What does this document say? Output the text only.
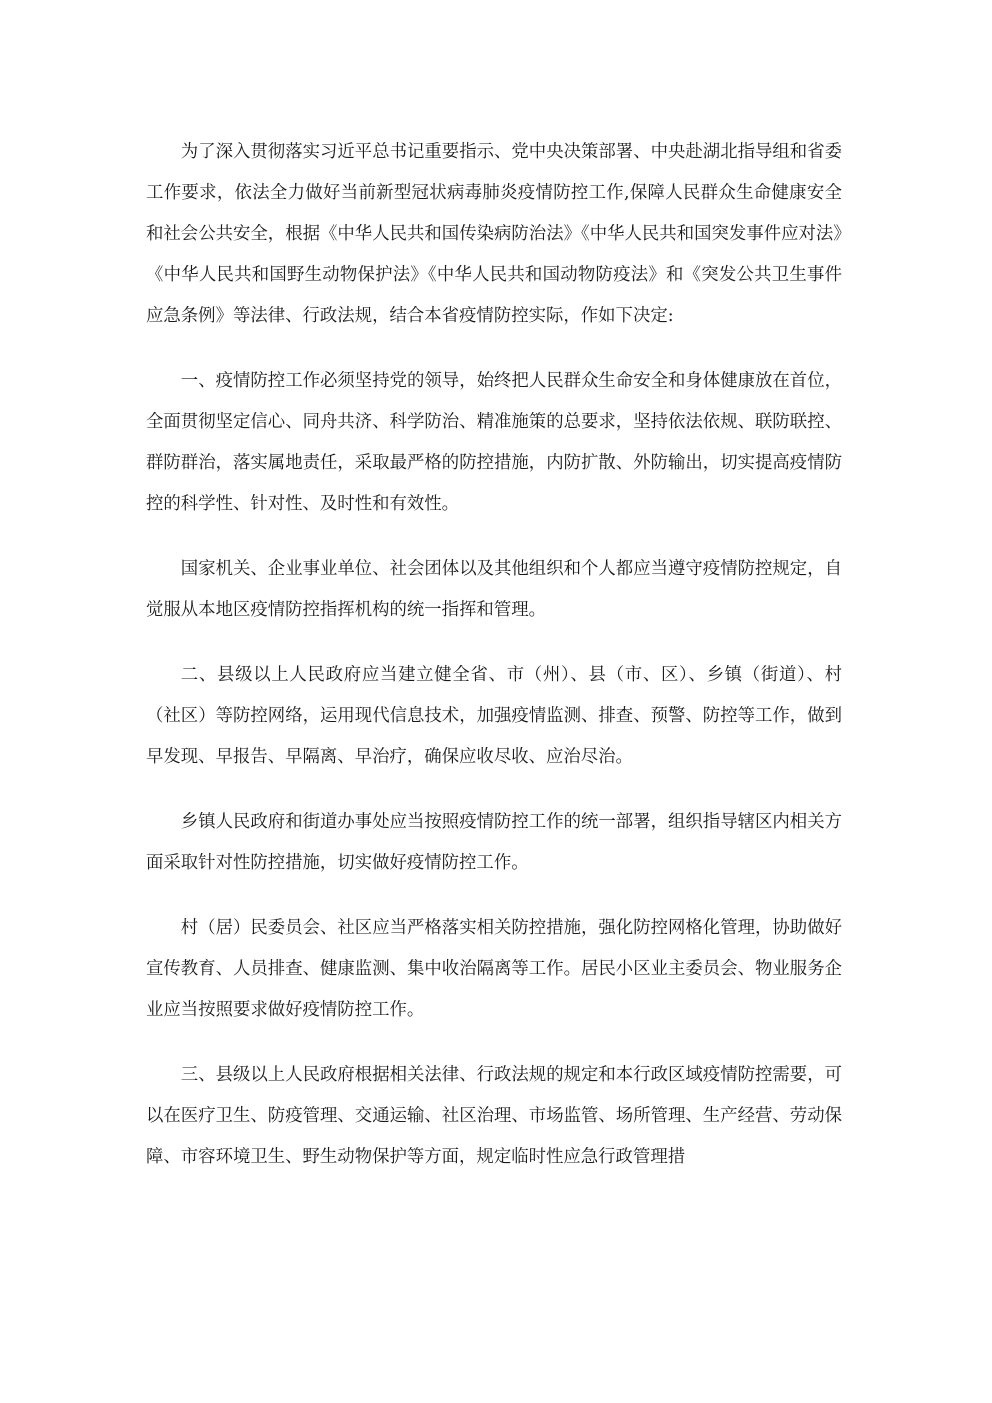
为了深入贯彻落实习近平总书记重要指示、党中央决策部署、中央赴湖北指导组和省委工作要求，依法全力做好当前新型冠状病毒肺炎疫情防控工作,保障人民群众生命健康安全和社会公共安全，根据《中华人民共和国传染病防治法》《中华人民共和国突发事件应对法》《中华人民共和国野生动物保护法》《中华人民共和国动物防疫法》和《突发公共卫生事件应急条例》等法律、行政法规，结合本省疫情防控实际，作如下决定:

一、疫情防控工作必须坚持党的领导，始终把人民群众生命安全和身体健康放在首位，全面贯彻坚定信心、同舟共济、科学防治、精准施策的总要求，坚持依法依规、联防联控、群防群治，落实属地责任，采取最严格的防控措施，内防扩散、外防输出，切实提高疫情防控的科学性、针对性、及时性和有效性。

国家机关、企业事业单位、社会团体以及其他组织和个人都应当遵守疫情防控规定，自觉服从本地区疫情防控指挥机构的统一指挥和管理。

二、县级以上人民政府应当建立健全省、市（州）、县（市、区）、乡镇（街道）、村（社区）等防控网络，运用现代信息技术，加强疫情监测、排查、预警、防控等工作，做到早发现、早报告、早隔离、早治疗，确保应收尽收、应治尽治。

乡镇人民政府和街道办事处应当按照疫情防控工作的统一部署，组织指导辖区内相关方面采取针对性防控措施，切实做好疫情防控工作。

村（居）民委员会、社区应当严格落实相关防控措施，强化防控网格化管理，协助做好宣传教育、人员排查、健康监测、集中收治隔离等工作。居民小区业主委员会、物业服务企业应当按照要求做好疫情防控工作。

三、县级以上人民政府根据相关法律、行政法规的规定和本行政区域疫情防控需要，可以在医疗卫生、防疫管理、交通运输、社区治理、市场监管、场所管理、生产经营、劳动保障、市容环境卫生、野生动物保护等方面，规定临时性应急行政管理措
